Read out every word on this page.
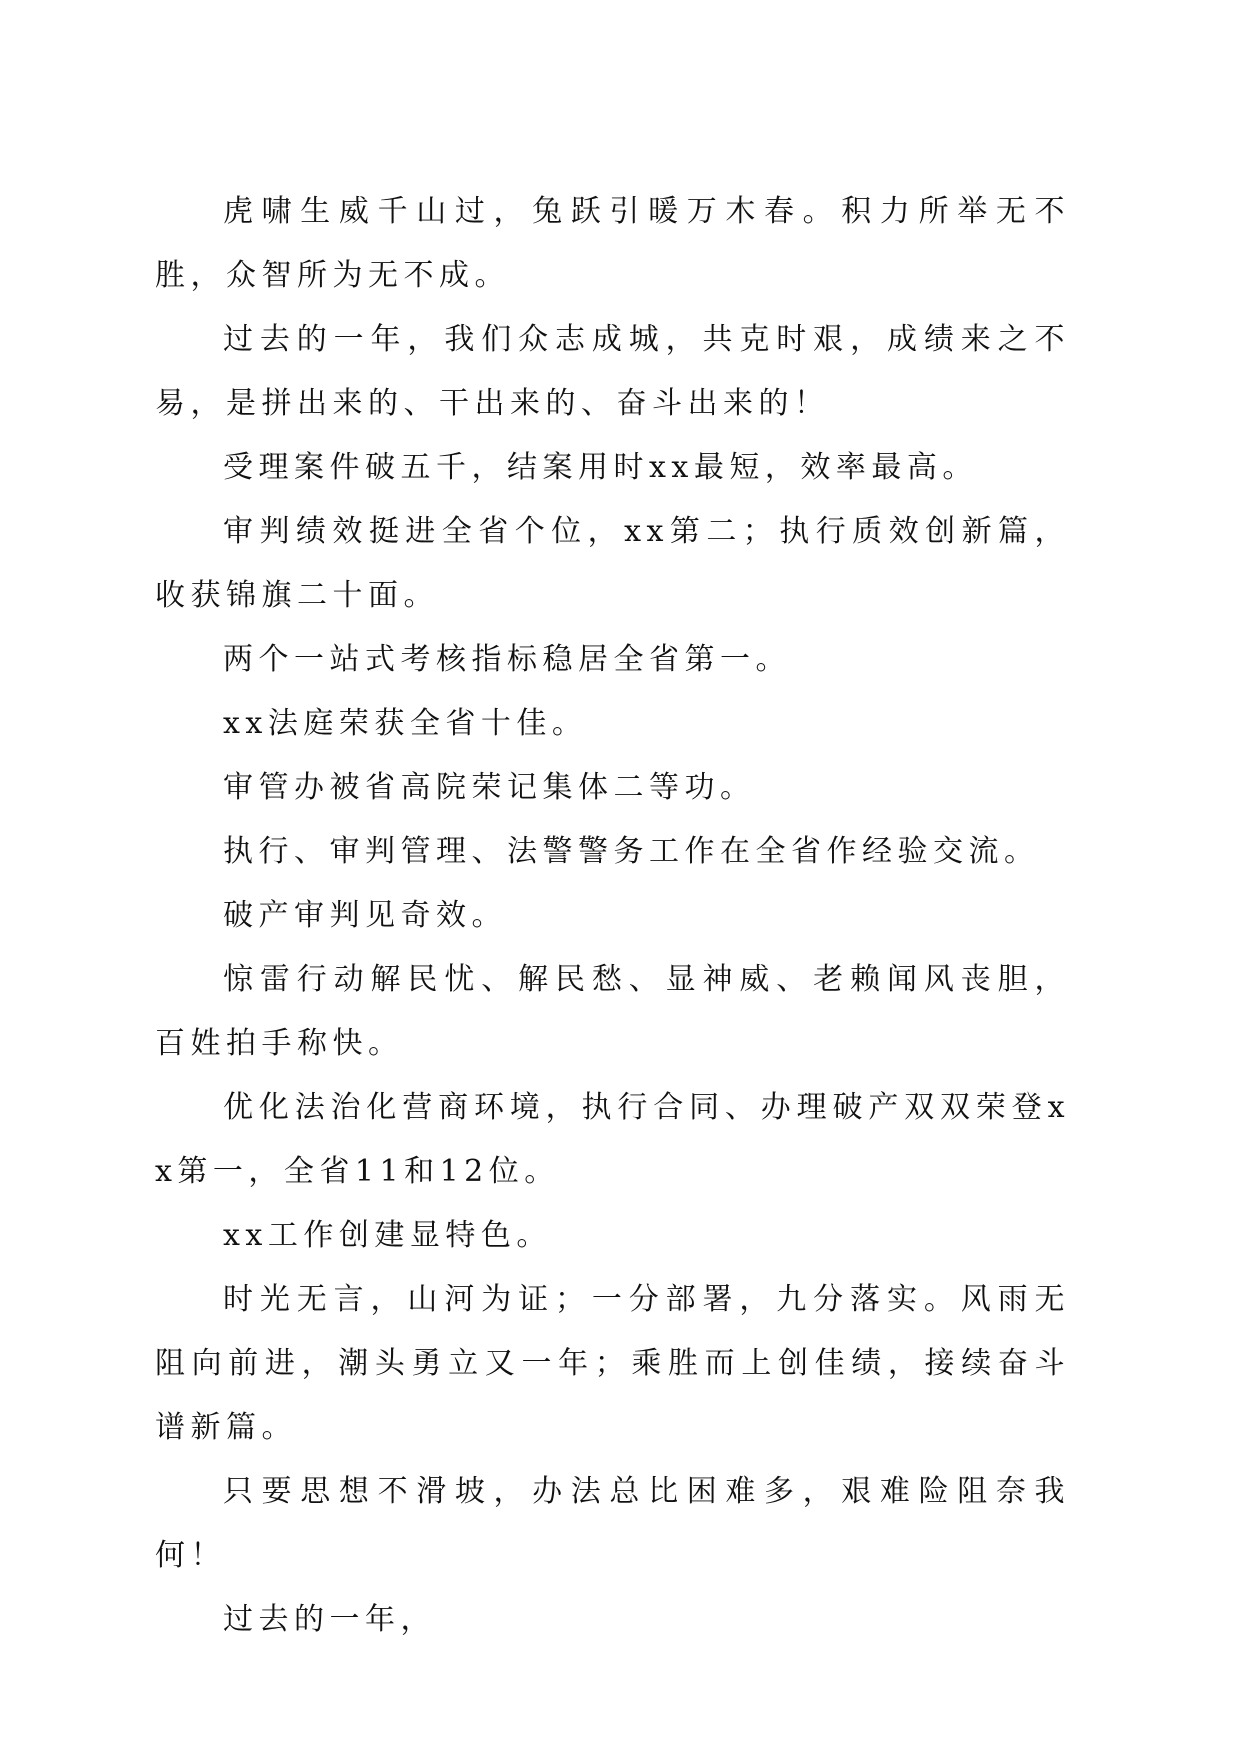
虎啸生威千山过，兔跃引暖万木春。积力所举无不胜，众智所为无不成。

过去的一年，我们众志成城，共克时艰，成绩来之不易，是拼出来的、干出来的、奋斗出来的！

受理案件破五千，结案用时xx最短，效率最高。

审判绩效挺进全省个位，xx第二；执行质效创新篇，收获锦旗二十面。

两个一站式考核指标稳居全省第一。

xx法庭荣获全省十佳。

审管办被省高院荣记集体二等功。

执行、审判管理、法警警务工作在全省作经验交流。

破产审判见奇效。

惊雷行动解民忧、解民愁、显神威、老赖闻风丧胆，百姓拍手称快。

优化法治化营商环境，执行合同、办理破产双双荣登xx第一，全省11和12位。

xx工作创建显特色。

时光无言，山河为证；一分部署，九分落实。风雨无阻向前进，潮头勇立又一年；乘胜而上创佳绩，接续奋斗谱新篇。

只要思想不滑坡，办法总比困难多，艰难险阻奈我何！

过去的一年，
